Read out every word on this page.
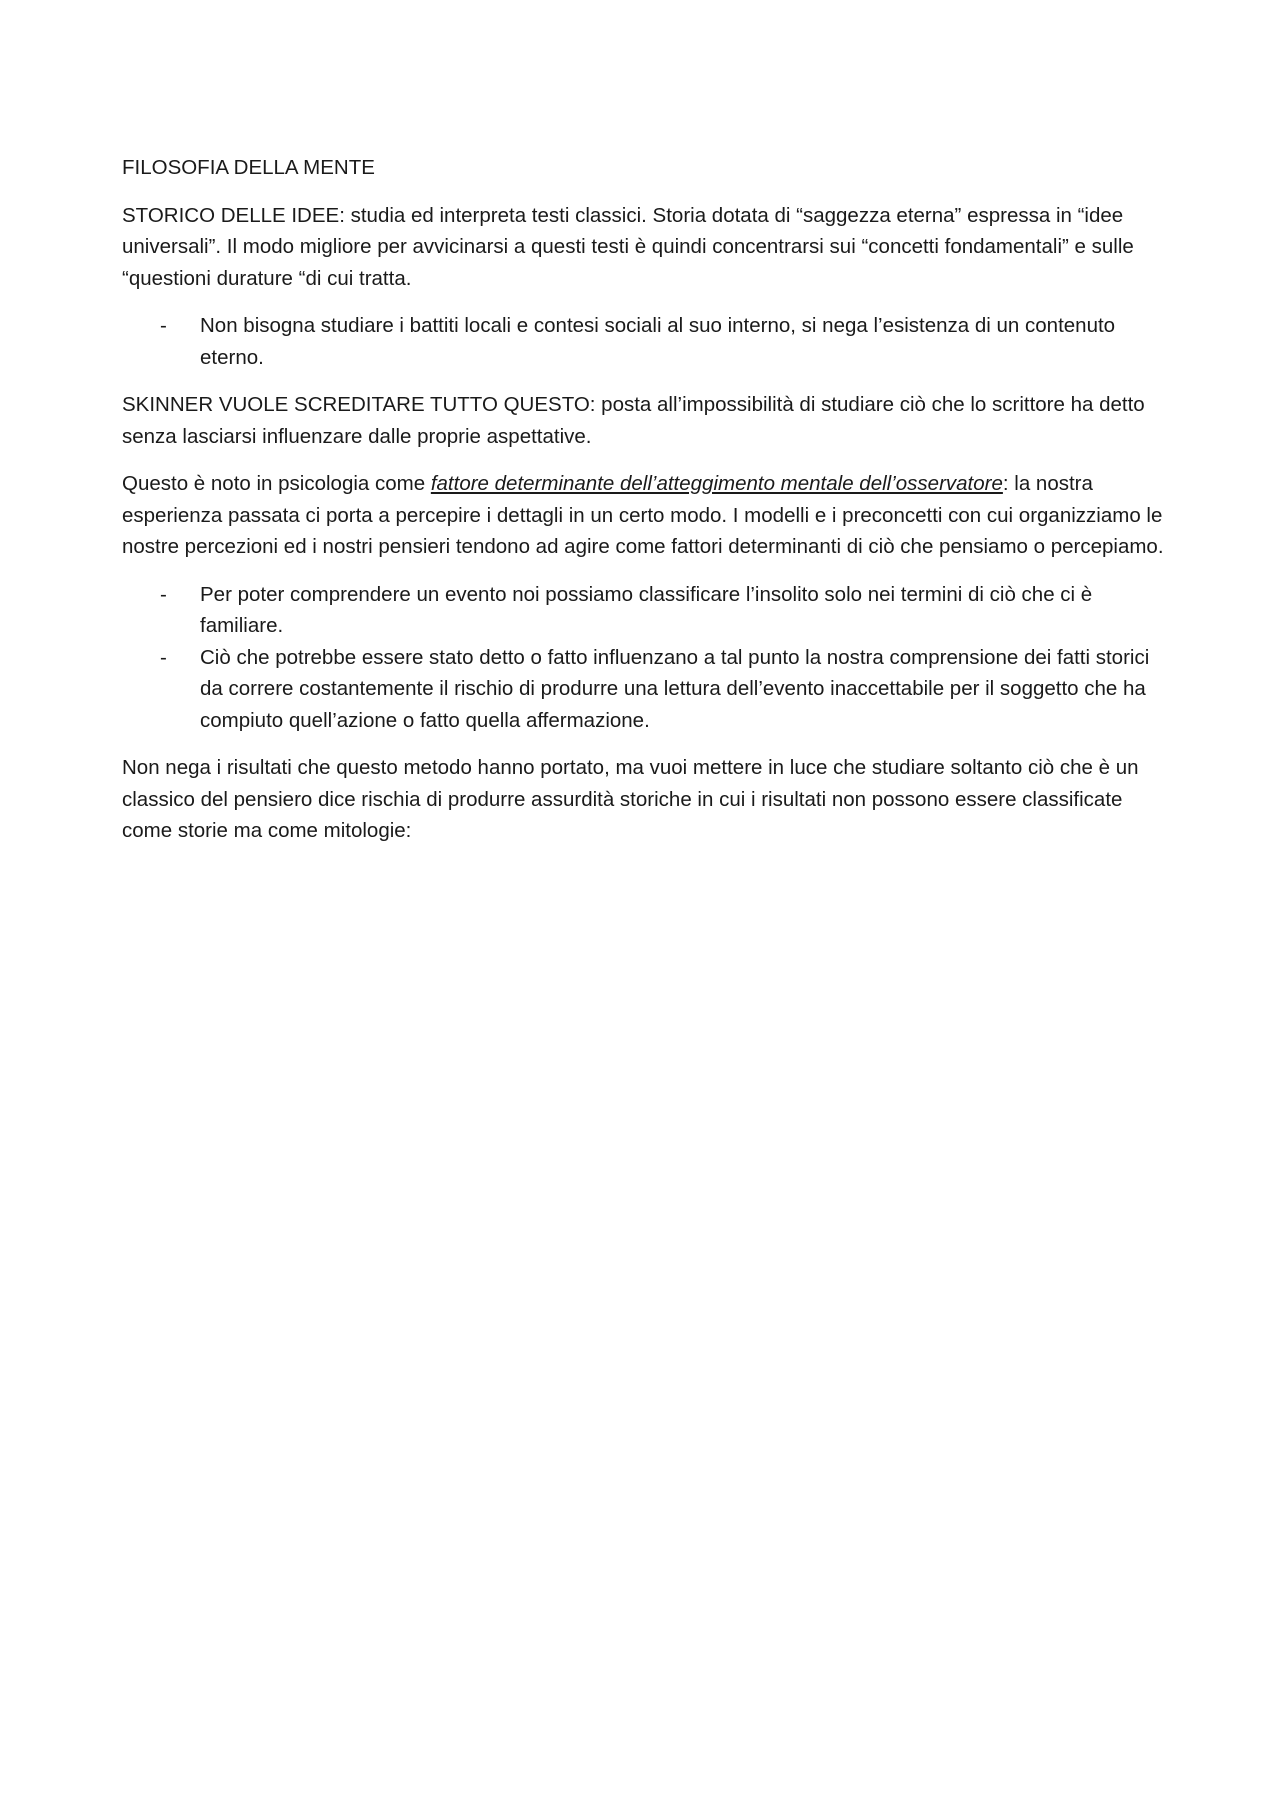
FILOSOFIA DELLA MENTE

STORICO DELLE IDEE: studia ed interpreta testi classici. Storia dotata di “saggezza eterna” espressa in “idee universali”. Il modo migliore per avvicinarsi a questi testi è quindi concentrarsi sui “concetti fondamentali” e sulle “questioni durature “di cui tratta.

- Non bisogna studiare i battiti locali e contesi sociali al suo interno, si nega l’esistenza di un contenuto eterno.

SKINNER VUOLE SCREDITARE TUTTO QUESTO: posta all’impossibilità di studiare ciò che lo scrittore ha detto senza lasciarsi influenzare dalle proprie aspettative.

Questo è noto in psicologia come fattore determinante dell’atteggimento mentale dell’osservatore: la nostra esperienza passata ci porta a percepire i dettagli in un certo modo. I modelli e i preconcetti con cui organizziamo le nostre percezioni ed i nostri pensieri tendono ad agire come fattori determinanti di ciò che pensiamo o percepiamo.

- Per poter comprendere un evento noi possiamo classificare l’insolito solo nei termini di ciò che ci è familiare.
- Ciò che potrebbe essere stato detto o fatto influenzano a tal punto la nostra comprensione dei fatti storici da correre costantemente il rischio di produrre una lettura dell’evento inaccettabile per il soggetto che ha compiuto quell’azione o fatto quella affermazione.

Non nega i risultati che questo metodo hanno portato, ma vuoi mettere in luce che studiare soltanto ciò che è un classico del pensiero dice rischia di produrre assurdità storiche in cui i risultati non possono essere classificate come storie ma come mitologie:
